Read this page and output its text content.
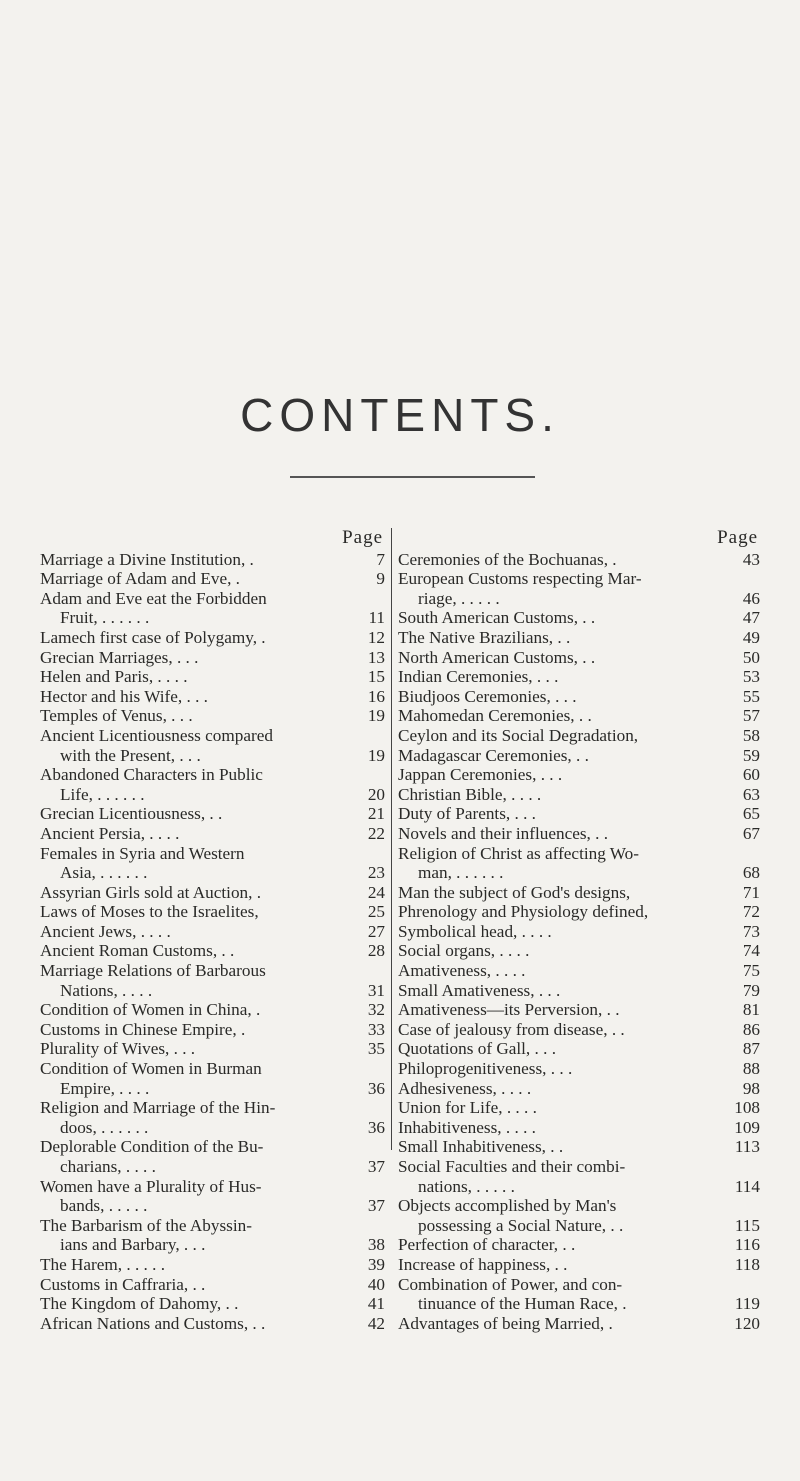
CONTENTS.
Page
Marriage a Divine Institution, .	7
Marriage of Adam and Eve, .	9
Adam and Eve eat the Forbidden
Fruit, . . . . . .	11
Lamech first case of Polygamy, .	12
Grecian Marriages, . . .	13
Helen and Paris, . . . .	15
Hector and his Wife, . . .	16
Temples of Venus, . . .	19
Ancient Licentiousness compared
with the Present, . . .	19
Abandoned Characters in Public
Life, . . . . . .	20
Grecian Licentiousness, . .	21
Ancient Persia, . . . .	22
Females in Syria and Western
Asia, . . . . . .	23
Assyrian Girls sold at Auction, .	24
Laws of Moses to the Israelites,	25
Ancient Jews, . . . .	27
Ancient Roman Customs, . .	28
Marriage Relations of Barbarous
Nations, . . . .	31
Condition of Women in China, .	32
Customs in Chinese Empire, .	33
Plurality of Wives, . . .	35
Condition of Women in Burman
Empire, . . . .	36
Religion and Marriage of the Hin-
doos, . . . . . .	36
Deplorable Condition of the Bu-
charians, . . . .	37
Women have a Plurality of Hus-
bands, . . . . .	37
The Barbarism of the Abyssin-
ians and Barbary, . . .	38
The Harem, . . . . .	39
Customs in Caffraria, . .	40
The Kingdom of Dahomy, . .	41
African Nations and Customs, . .	42
Page
Ceremonies of the Bochuanas, .	43
European Customs respecting Mar-
riage, . . . . .	46
South American Customs, . .	47
The Native Brazilians, . .	49
North American Customs, . .	50
Indian Ceremonies, . . .	53
Biudjoos Ceremonies, . . .	55
Mahomedan Ceremonies, . .	57
Ceylon and its Social Degradation,	58
Madagascar Ceremonies, . .	59
Jappan Ceremonies, . . .	60
Christian Bible, . . . .	63
Duty of Parents, . . .	65
Novels and their influences, . .	67
Religion of Christ as affecting Wo-
man, . . . . . .	68
Man the subject of God's designs,	71
Phrenology and Physiology defined,	72
Symbolical head, . . . .	73
Social organs, . . . .	74
Amativeness, . . . .	75
Small Amativeness, . . .	79
Amativeness—its Perversion, . .	81
Case of jealousy from disease, . .	86
Quotations of Gall, . . .	87
Philoprogenitiveness, . . .	88
Adhesiveness, . . . .	98
Union for Life, . . . .	108
Inhabitiveness, . . . .	109
Small Inhabitiveness, . .	113
Social Faculties and their combi-
nations, . . . . .	114
Objects accomplished by Man's
possessing a Social Nature, . .	115
Perfection of character, . .	116
Increase of happiness, . .	118
Combination of Power, and con-
tinuance of the Human Race, .	119
Advantages of being Married, .	120
